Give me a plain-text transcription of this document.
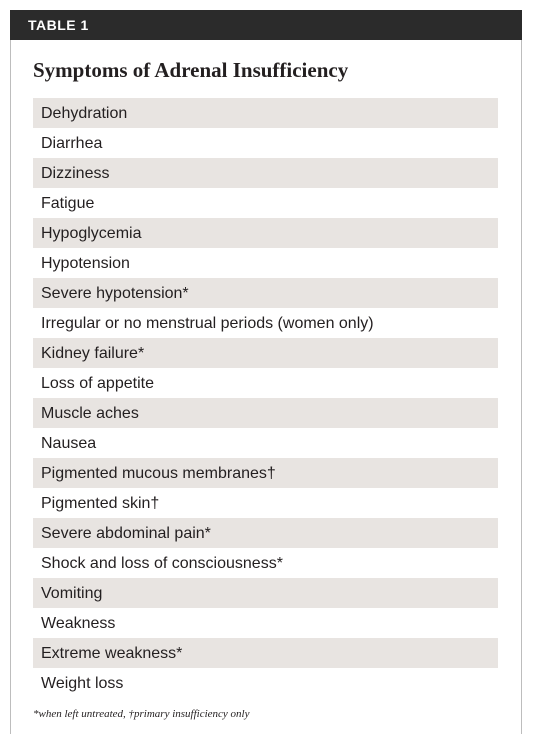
TABLE 1
Symptoms of Adrenal Insufficiency
Dehydration
Diarrhea
Dizziness
Fatigue
Hypoglycemia
Hypotension
Severe hypotension*
Irregular or no menstrual periods (women only)
Kidney failure*
Loss of appetite
Muscle aches
Nausea
Pigmented mucous membranes†
Pigmented skin†
Severe abdominal pain*
Shock and loss of consciousness*
Vomiting
Weakness
Extreme weakness*
Weight loss
*when left untreated, †primary insufficiency only
